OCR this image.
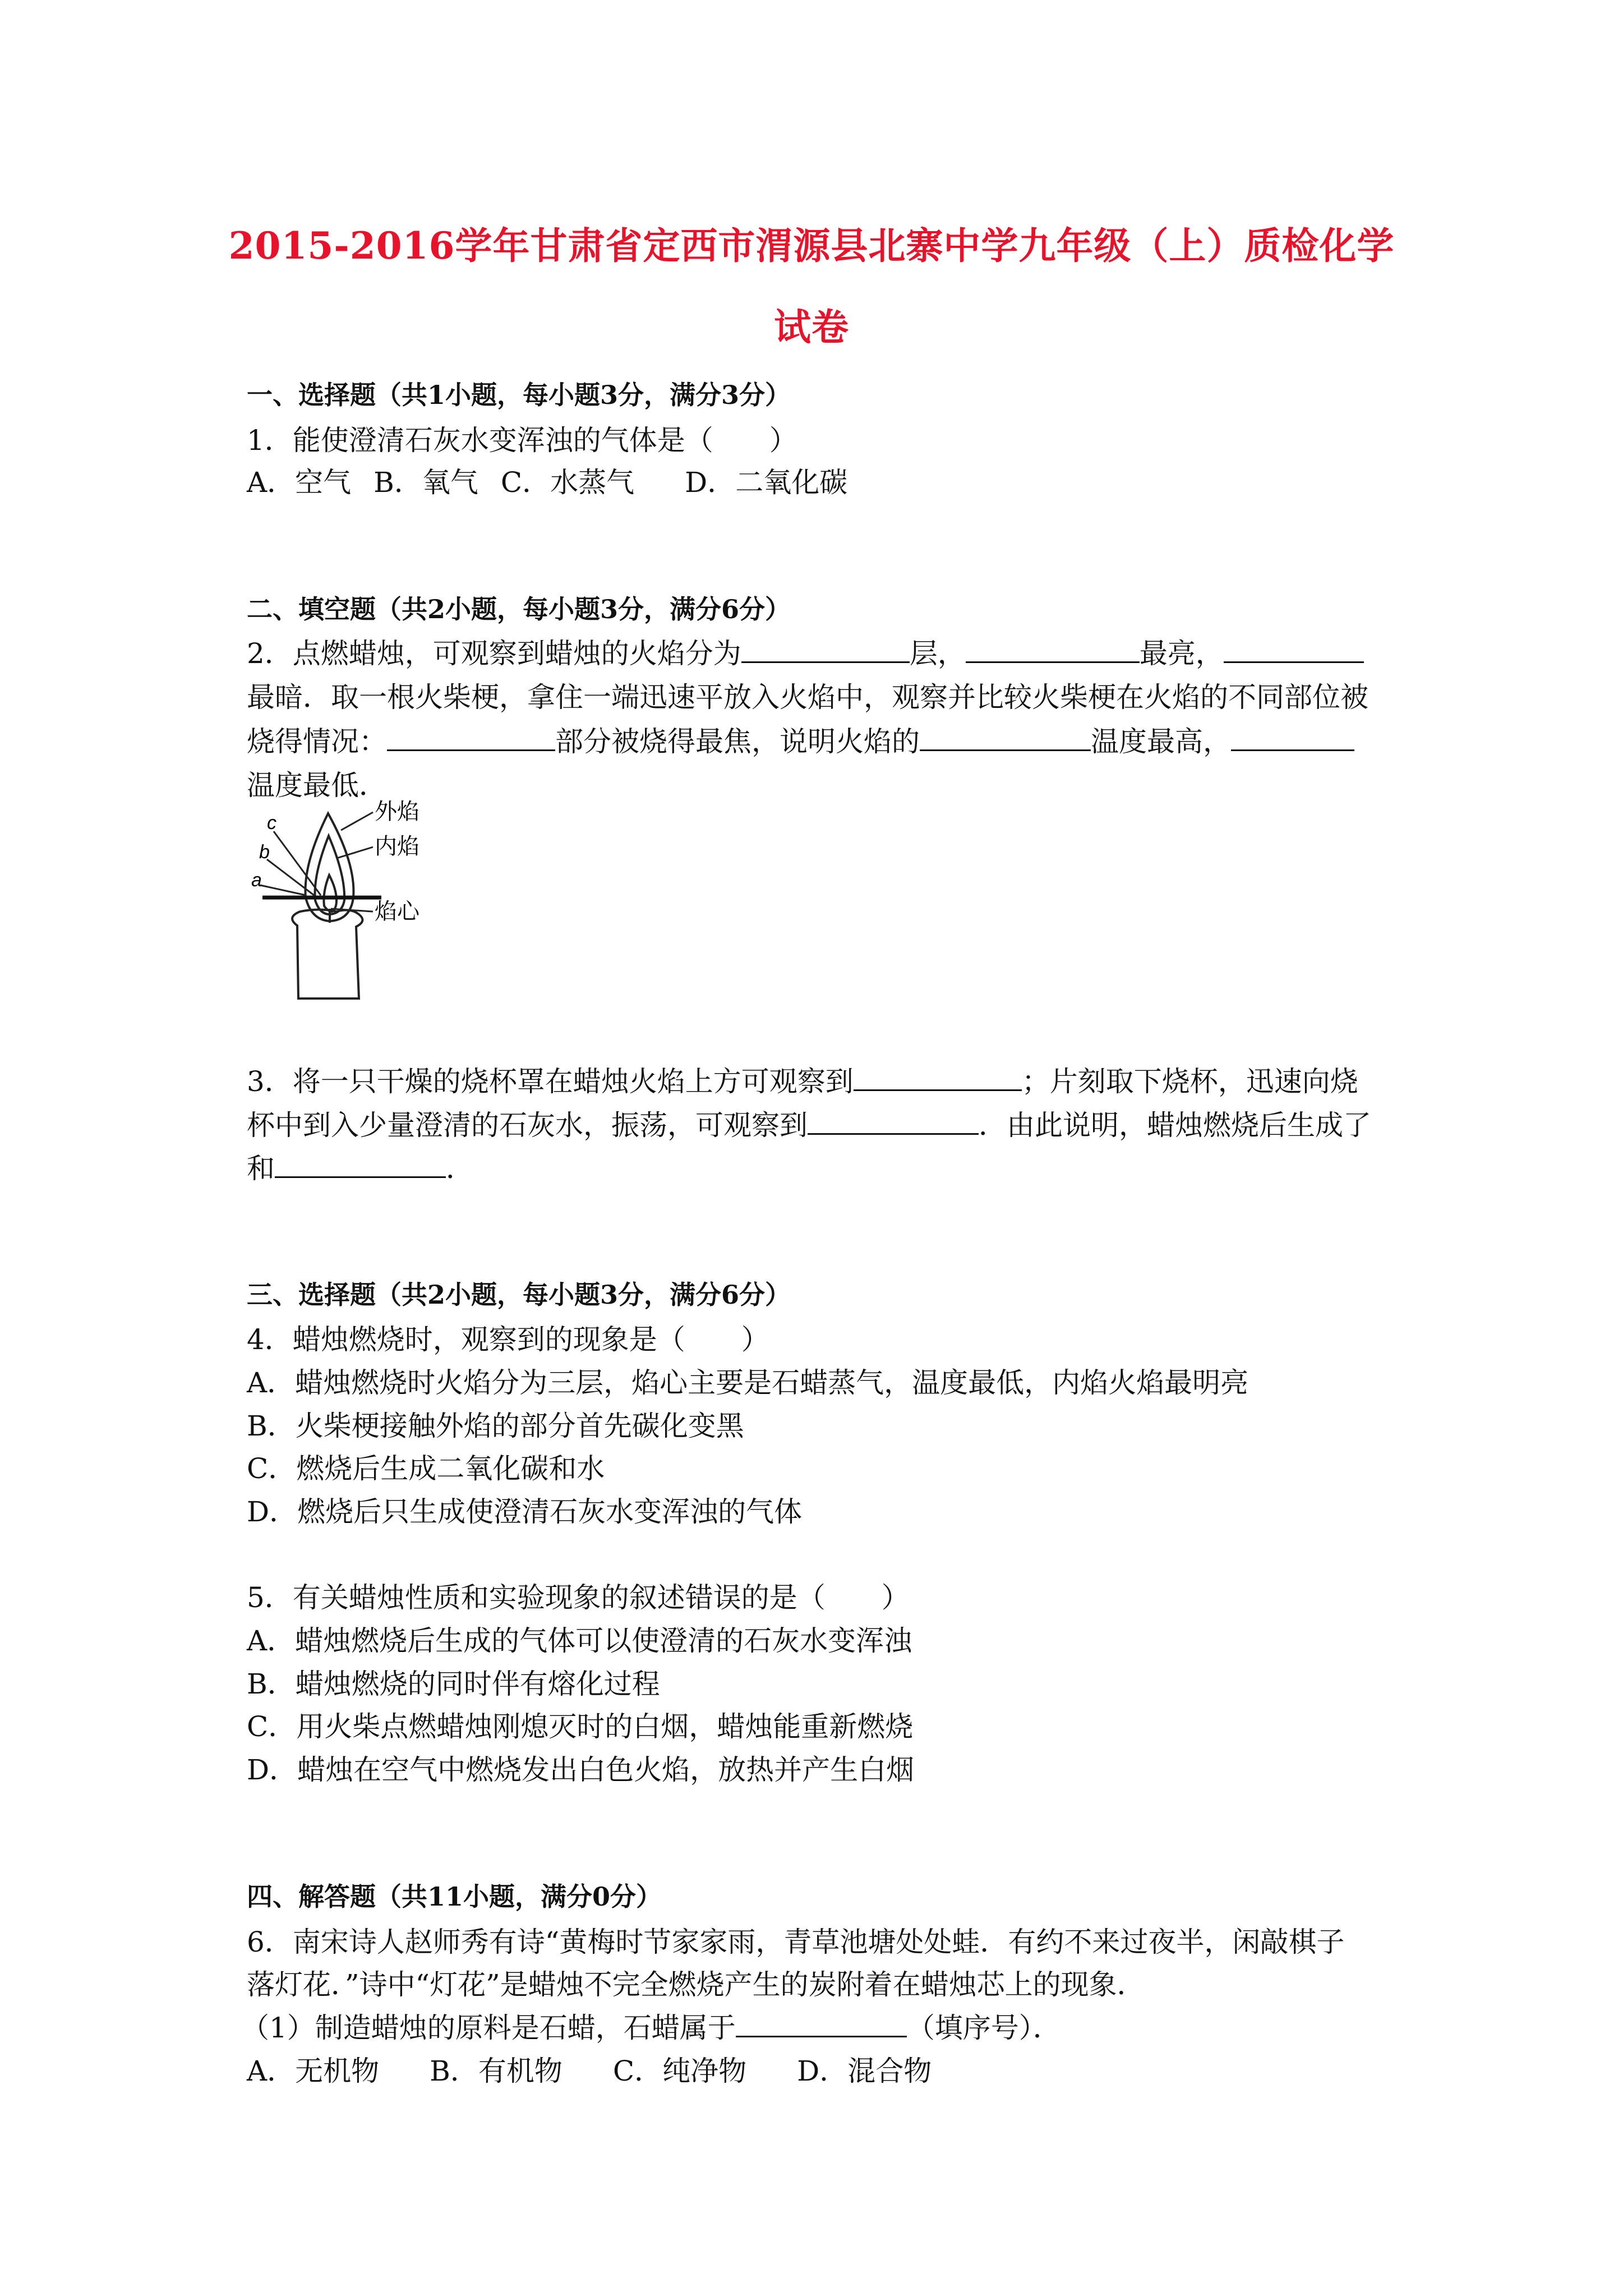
2015-2016学年甘肃省定西市渭源县北寨中学九年级（上）质检化学
试卷
一、选择题（共1小题，每小题3分，满分3分）
1．能使澄清石灰水变浑浊的气体是（　　）
A．空气 B．氧气 C．水蒸气 D．二氧化碳
二、填空题（共2小题，每小题3分，满分6分）
2．点燃蜡烛，可观察到蜡烛的火焰分为	层，	最亮，
最暗．取一根火柴梗，拿住一端迅速平放入火焰中，观察并比较火柴梗在火焰的不同部位被
烧得情况：	部分被烧得最焦，说明火焰的	温度最高，
温度最低．
c
b
a
外焰
内焰
焰心
3．将一只干燥的烧杯罩在蜡烛火焰上方可观察到	；片刻取下烧杯，迅速向烧
杯中到入少量澄清的石灰水，振荡，可观察到	．由此说明，蜡烛燃烧后生成了
和	．
三、选择题（共2小题，每小题3分，满分6分）
4．蜡烛燃烧时，观察到的现象是（　　）
A．蜡烛燃烧时火焰分为三层，焰心主要是石蜡蒸气，温度最低，内焰火焰最明亮
B．火柴梗接触外焰的部分首先碳化变黑
C．燃烧后生成二氧化碳和水
D．燃烧后只生成使澄清石灰水变浑浊的气体
5．有关蜡烛性质和实验现象的叙述错误的是（　　）
A．蜡烛燃烧后生成的气体可以使澄清的石灰水变浑浊
B．蜡烛燃烧的同时伴有熔化过程
C．用火柴点燃蜡烛刚熄灭时的白烟，蜡烛能重新燃烧
D．蜡烛在空气中燃烧发出白色火焰，放热并产生白烟
四、解答题（共11小题，满分0分）
6．南宋诗人赵师秀有诗“黄梅时节家家雨，青草池塘处处蛙．有约不来过夜半，闲敲棋子
落灯花．”诗中“灯花”是蜡烛不完全燃烧产生的炭附着在蜡烛芯上的现象．
（1）制造蜡烛的原料是石蜡，石蜡属于	（填序号）．
A．无机物 B．有机物 C．纯净物 D．混合物
